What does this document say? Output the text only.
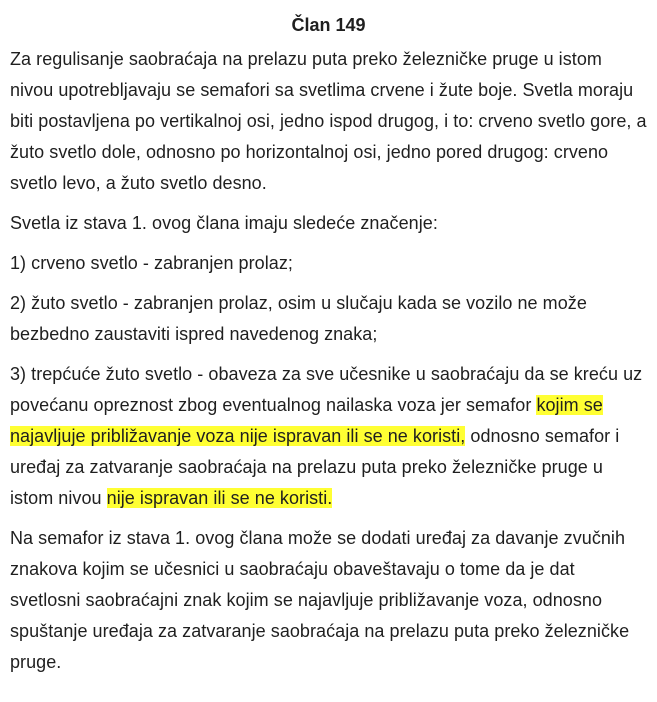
Član 149

Za regulisanje saobraćaja na prelazu puta preko železničke pruge u istom nivou upotrebljavaju se semafori sa svetlima crvene i žute boje. Svetla moraju biti postavljena po vertikalnoj osi, jedno ispod drugog, i to: crveno svetlo gore, a žuto svetlo dole, odnosno po horizontalnoj osi, jedno pored drugog: crveno svetlo levo, a žuto svetlo desno.

Svetla iz stava 1. ovog člana imaju sledeće značenje:

1) crveno svetlo - zabranjen prolaz;

2) žuto svetlo - zabranjen prolaz, osim u slučaju kada se vozilo ne može bezbedno zaustaviti ispred navedenog znaka;

3) trepćuće žuto svetlo - obaveza za sve učesnike u saobraćaju da se kreću uz povećanu opreznost zbog eventualnog nailaska voza jer semafor kojim se najavljuje približavanje voza nije ispravan ili se ne koristi, odnosno semafor i uređaj za zatvaranje saobraćaja na prelazu puta preko železničke pruge u istom nivou nije ispravan ili se ne koristi.

Na semafor iz stava 1. ovog člana može se dodati uređaj za davanje zvučnih znakova kojim se učesnici u saobraćaju obaveštavaju o tome da je dat svetlosni saobraćajni znak kojim se najavljuje približavanje voza, odnosno spuštanje uređaja za zatvaranje saobraćaja na prelazu puta preko železničke pruge.
